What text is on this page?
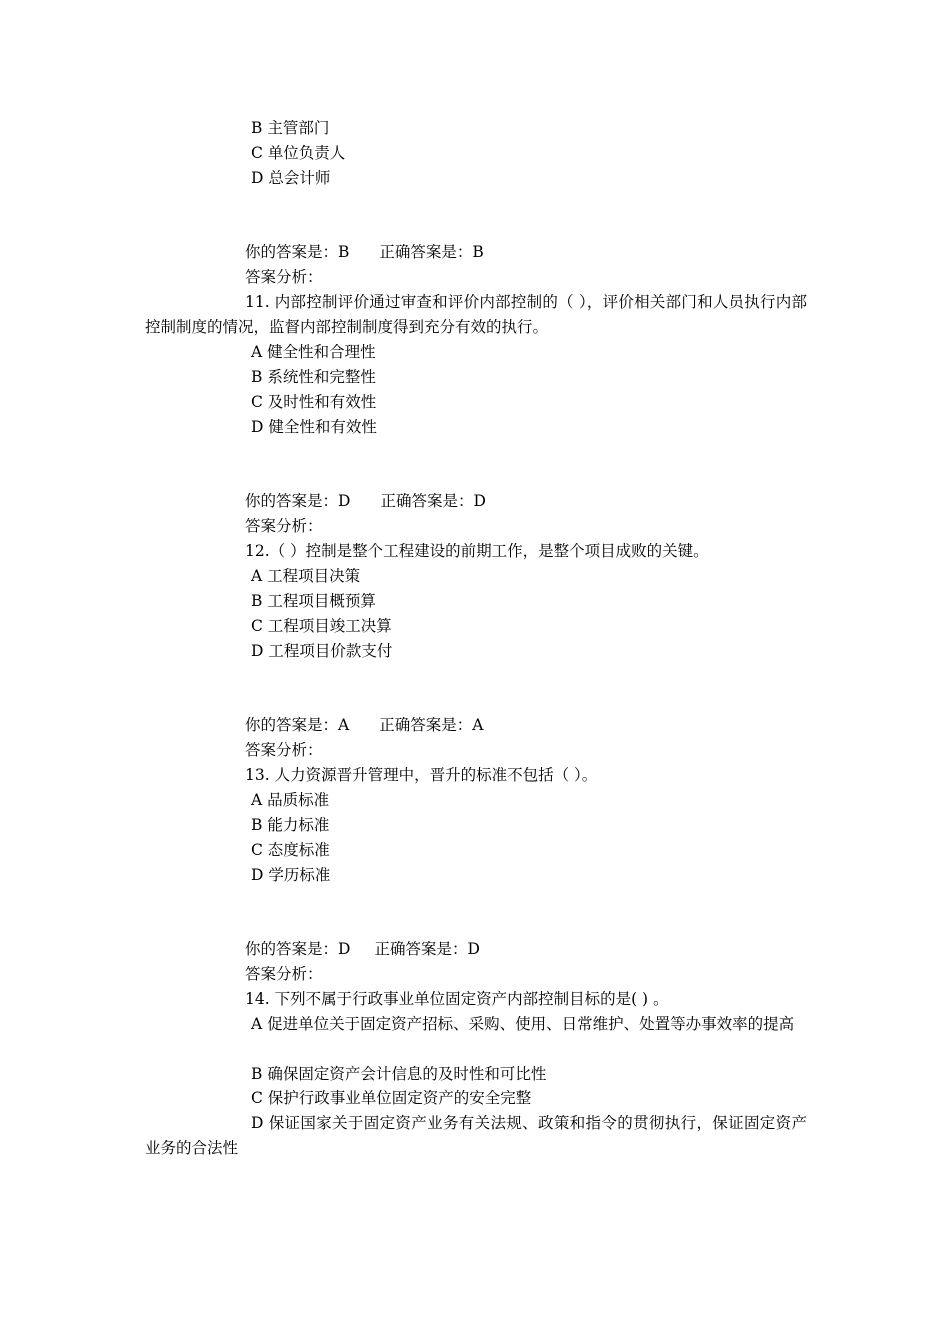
B 主管部门
C 单位负责人
D 总会计师
你的答案是：B 正确答案是：B
答案分析：
11. 内部控制评价通过审查和评价内部控制的（ ），评价相关部门和人员执行内部控制制度的情况，监督内部控制制度得到充分有效的执行。
A 健全性和合理性
B 系统性和完整性
C 及时性和有效性
D 健全性和有效性
你的答案是：D 正确答案是：D
答案分析：
12.（ ）控制是整个工程建设的前期工作，是整个项目成败的关键。
A 工程项目决策
B 工程项目概预算
C 工程项目竣工决算
D 工程项目价款支付
你的答案是：A 正确答案是：A
答案分析：
13. 人力资源晋升管理中，晋升的标准不包括（ ）。
A 品质标准
B 能力标准
C 态度标准
D 学历标准
你的答案是：D 正确答案是：D
答案分析：
14. 下列不属于行政事业单位固定资产内部控制目标的是( ) 。
A 促进单位关于固定资产招标、采购、使用、日常维护、处置等办事效率的提高
B 确保固定资产会计信息的及时性和可比性
C 保护行政事业单位固定资产的安全完整
D 保证国家关于固定资产业务有关法规、政策和指令的贯彻执行，保证固定资产业务的合法性
